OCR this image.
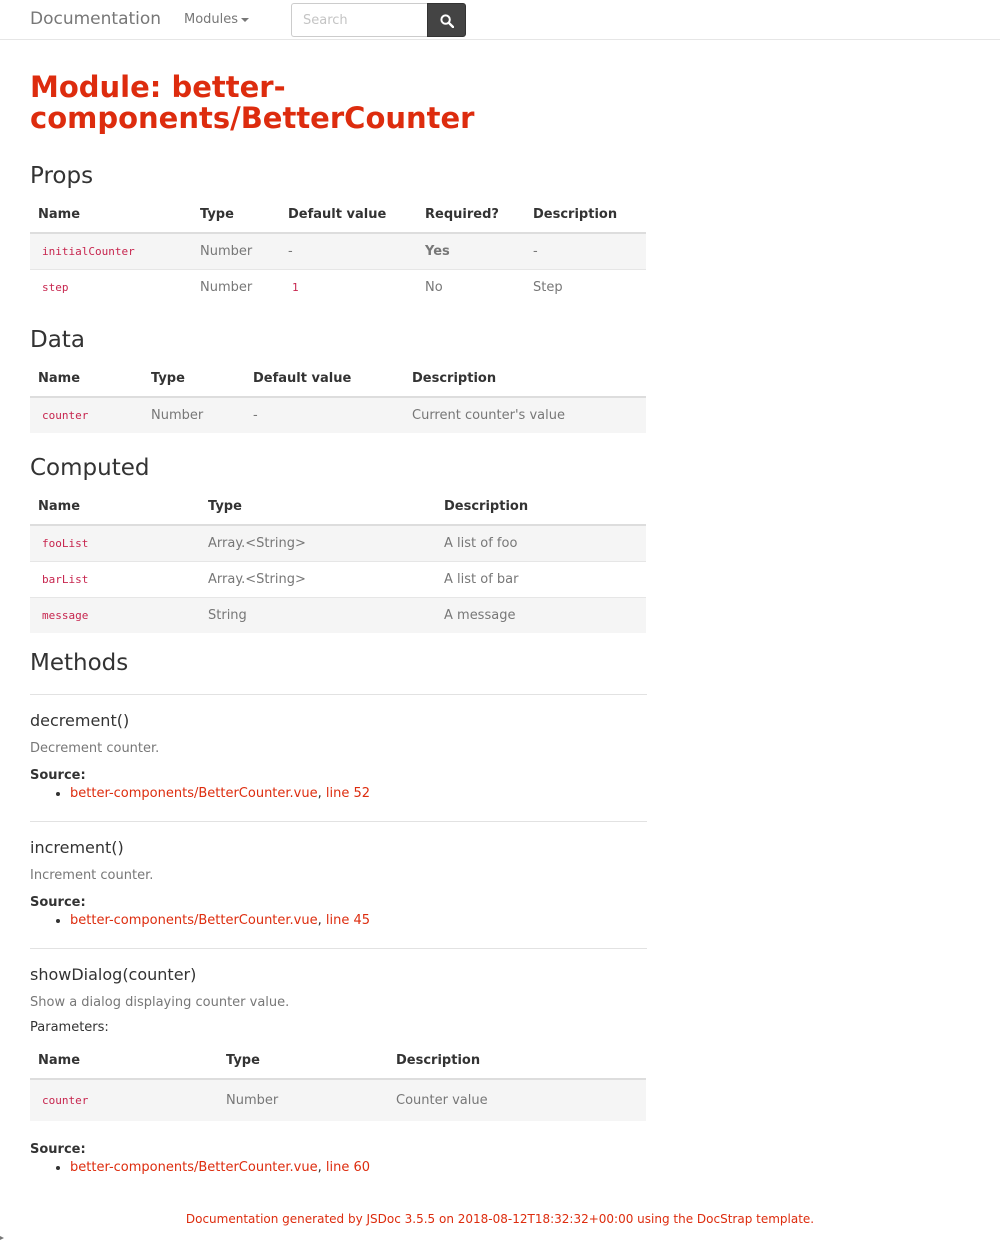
Documentation Modules
Search
Module: better-components/BetterCounter
Props
Name	Type	Default value	Required?	Description
initialCounter	Number	-	Yes	-
step	Number	1	No	Step
Data
Name	Type	Default value	Description
counter	Number	-	Current counter's value
Computed
Name	Type	Description
fooList	Array.<String>	A list of foo
barList	Array.<String>	A list of bar
message	String	A message
Methods
decrement()
Decrement counter.
Source:
• better-components/BetterCounter.vue, line 52
increment()
Increment counter.
Source:
• better-components/BetterCounter.vue, line 45
showDialog(counter)
Show a dialog displaying counter value.
Parameters:
Name	Type	Description
counter	Number	Counter value
Source:
• better-components/BetterCounter.vue, line 60
Documentation generated by JSDoc 3.5.5 on 2018-08-12T18:32:32+00:00 using the DocStrap template.
